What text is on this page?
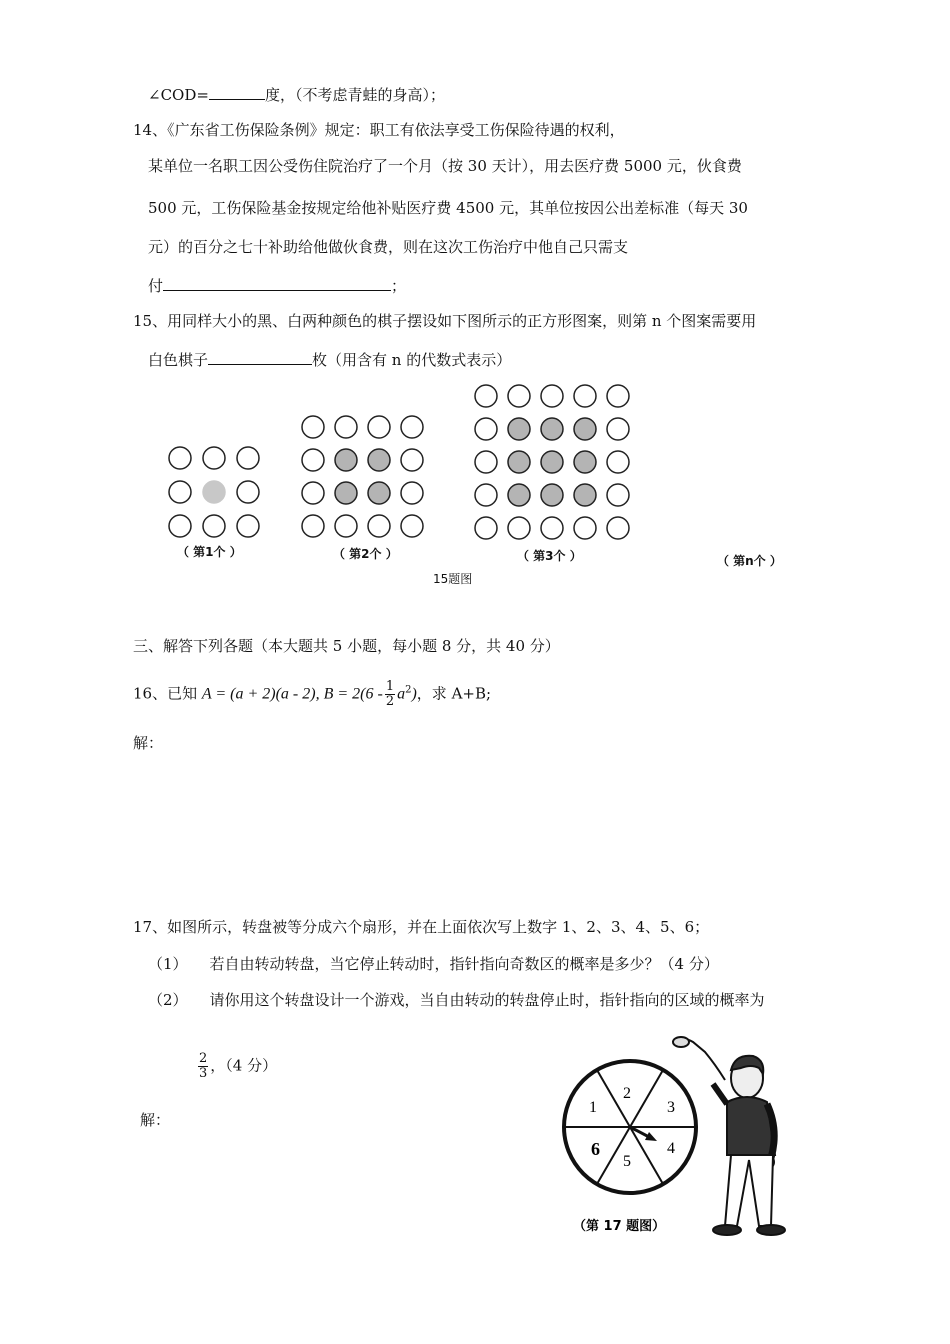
∠COD=	度，（不考虑青蛙的身高）；
14、《广东省工伤保险条例》规定：职工有依法享受工伤保险待遇的权利，
某单位一名职工因公受伤住院治疗了一个月（按 30 天计），用去医疗费 5000 元，伙食费
500 元，工伤保险基金按规定给他补贴医疗费 4500 元，其单位按因公出差标准（每天 30
元）的百分之七十补助给他做伙食费，则在这次工伤治疗中他自己只需支
付	；
15、用同样大小的黑、白两种颜色的棋子摆设如下图所示的正方形图案，则第 n 个图案需要用
白色棋子	枚（用含有 n 的代数式表示）
（ 第1个 ）	（ 第2个 ）	（ 第3个 ）	（ 第n个 ）
15题图
三、解答下列各题（本大题共 5 小题，每小题 8 分，共 40 分）
16、已知 A = (a + 2)(a - 2), $B = 2(6 - \frac{1}{2} a^2)$，求 A+B;
解：
17、如图所示，转盘被等分成六个扇形，并在上面依次写上数字 1、2、3、4、5、6；
（1） 若自由转动转盘，当它停止转动时，指针指向奇数区的概率是多少？（4 分）
（2） 请你用这个转盘设计一个游戏，当自由转动的转盘停止时，指针指向的区域的概率为
$\frac{2}{3}$ ，（4 分）
解：
1
2
3
4
5
6
（第 17 题图）
